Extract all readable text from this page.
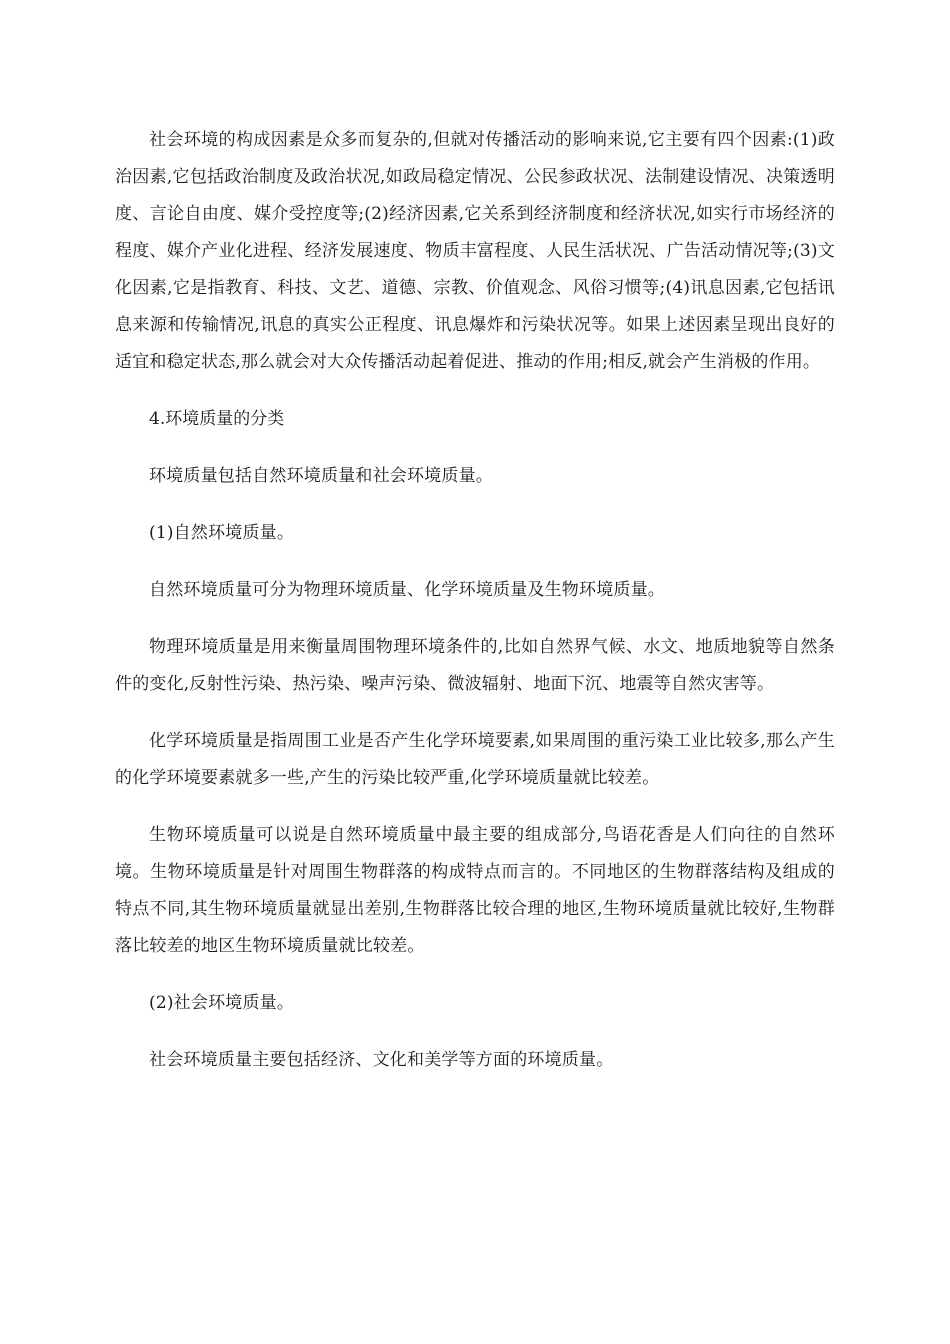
社会环境的构成因素是众多而复杂的,但就对传播活动的影响来说,它主要有四个因素:(1)政治因素,它包括政治制度及政治状况,如政局稳定情况、公民参政状况、法制建设情况、决策透明度、言论自由度、媒介受控度等;(2)经济因素,它关系到经济制度和经济状况,如实行市场经济的程度、媒介产业化进程、经济发展速度、物质丰富程度、人民生活状况、广告活动情况等;(3)文化因素,它是指教育、科技、文艺、道德、宗教、价值观念、风俗习惯等;(4)讯息因素,它包括讯息来源和传输情况,讯息的真实公正程度、讯息爆炸和污染状况等。如果上述因素呈现出良好的适宜和稳定状态,那么就会对大众传播活动起着促进、推动的作用;相反,就会产生消极的作用。

4.环境质量的分类

环境质量包括自然环境质量和社会环境质量。

(1)自然环境质量。

自然环境质量可分为物理环境质量、化学环境质量及生物环境质量。

物理环境质量是用来衡量周围物理环境条件的,比如自然界气候、水文、地质地貌等自然条件的变化,反射性污染、热污染、噪声污染、微波辐射、地面下沉、地震等自然灾害等。

化学环境质量是指周围工业是否产生化学环境要素,如果周围的重污染工业比较多,那么产生的化学环境要素就多一些,产生的污染比较严重,化学环境质量就比较差。

生物环境质量可以说是自然环境质量中最主要的组成部分,鸟语花香是人们向往的自然环境。生物环境质量是针对周围生物群落的构成特点而言的。不同地区的生物群落结构及组成的特点不同,其生物环境质量就显出差别,生物群落比较合理的地区,生物环境质量就比较好,生物群落比较差的地区生物环境质量就比较差。

(2)社会环境质量。

社会环境质量主要包括经济、文化和美学等方面的环境质量。
